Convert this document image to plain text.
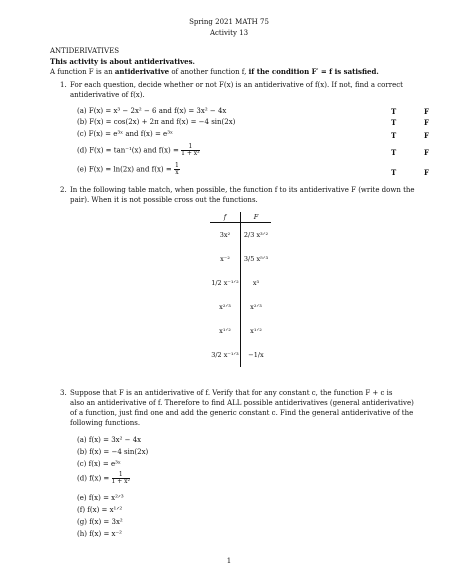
Spring 2021 MATH 75
Activity 13
ANTIDERIVATIVES
This activity is about antiderivatives.
A function F is an antiderivative of another function f, if the condition F′ = f is satisfied.
1. For each question, decide whether or not F(x) is an antiderivative of f(x). If not, find a correct
antiderivative of f(x).
(a) F(x) = x³ − 2x² − 6 and f(x) = 3x² − 4x	T	F
(b) F(x) = cos(2x) + 2π and f(x) = −4 sin(2x)	T	F
(c) F(x) = e³ˣ and f(x) = e³ˣ	T	F
(d) F(x) = tan⁻¹(x) and $f(x) = \frac{1}{\text{1 + x²}}$	T	F
(e) F(x) = ln(2x) and $f(x) = \frac{1}{x}$	T	F
2. In the following table match, when possible, the function f to its antiderivative F (write down the
pair). When it is not possible cross out the functions.
f	F
3x²	2/3 x³ᐟ²
x⁻²	3/5 x⁵ᐟ³
1/2 x⁻¹ᐟ²	x³
x²ᐟ³	x²ᐟ³
x¹ᐟ²	x¹ᐟ²
3/2 x⁻¹ᐟ³	−1/x
3. Suppose that F is an antiderivative of f. Verify that for any constant c, the function F + c is
also an antiderivative of f. Therefore to find ALL possible antiderivatives (general antiderivative)
of a function, just find one and add the generic constant c. Find the general antiderivative of the
following functions.
(a) f(x) = 3x² − 4x
(b) f(x) = −4 sin(2x)
(c) f(x) = e³ˣ
(d) $f(x) = \frac{1}{\text{1 + x²}}$
(e) f(x) = x²ᐟ³
(f) f(x) = x¹ᐟ²
(g) f(x) = 3x²
(h) f(x) = x⁻²
1
